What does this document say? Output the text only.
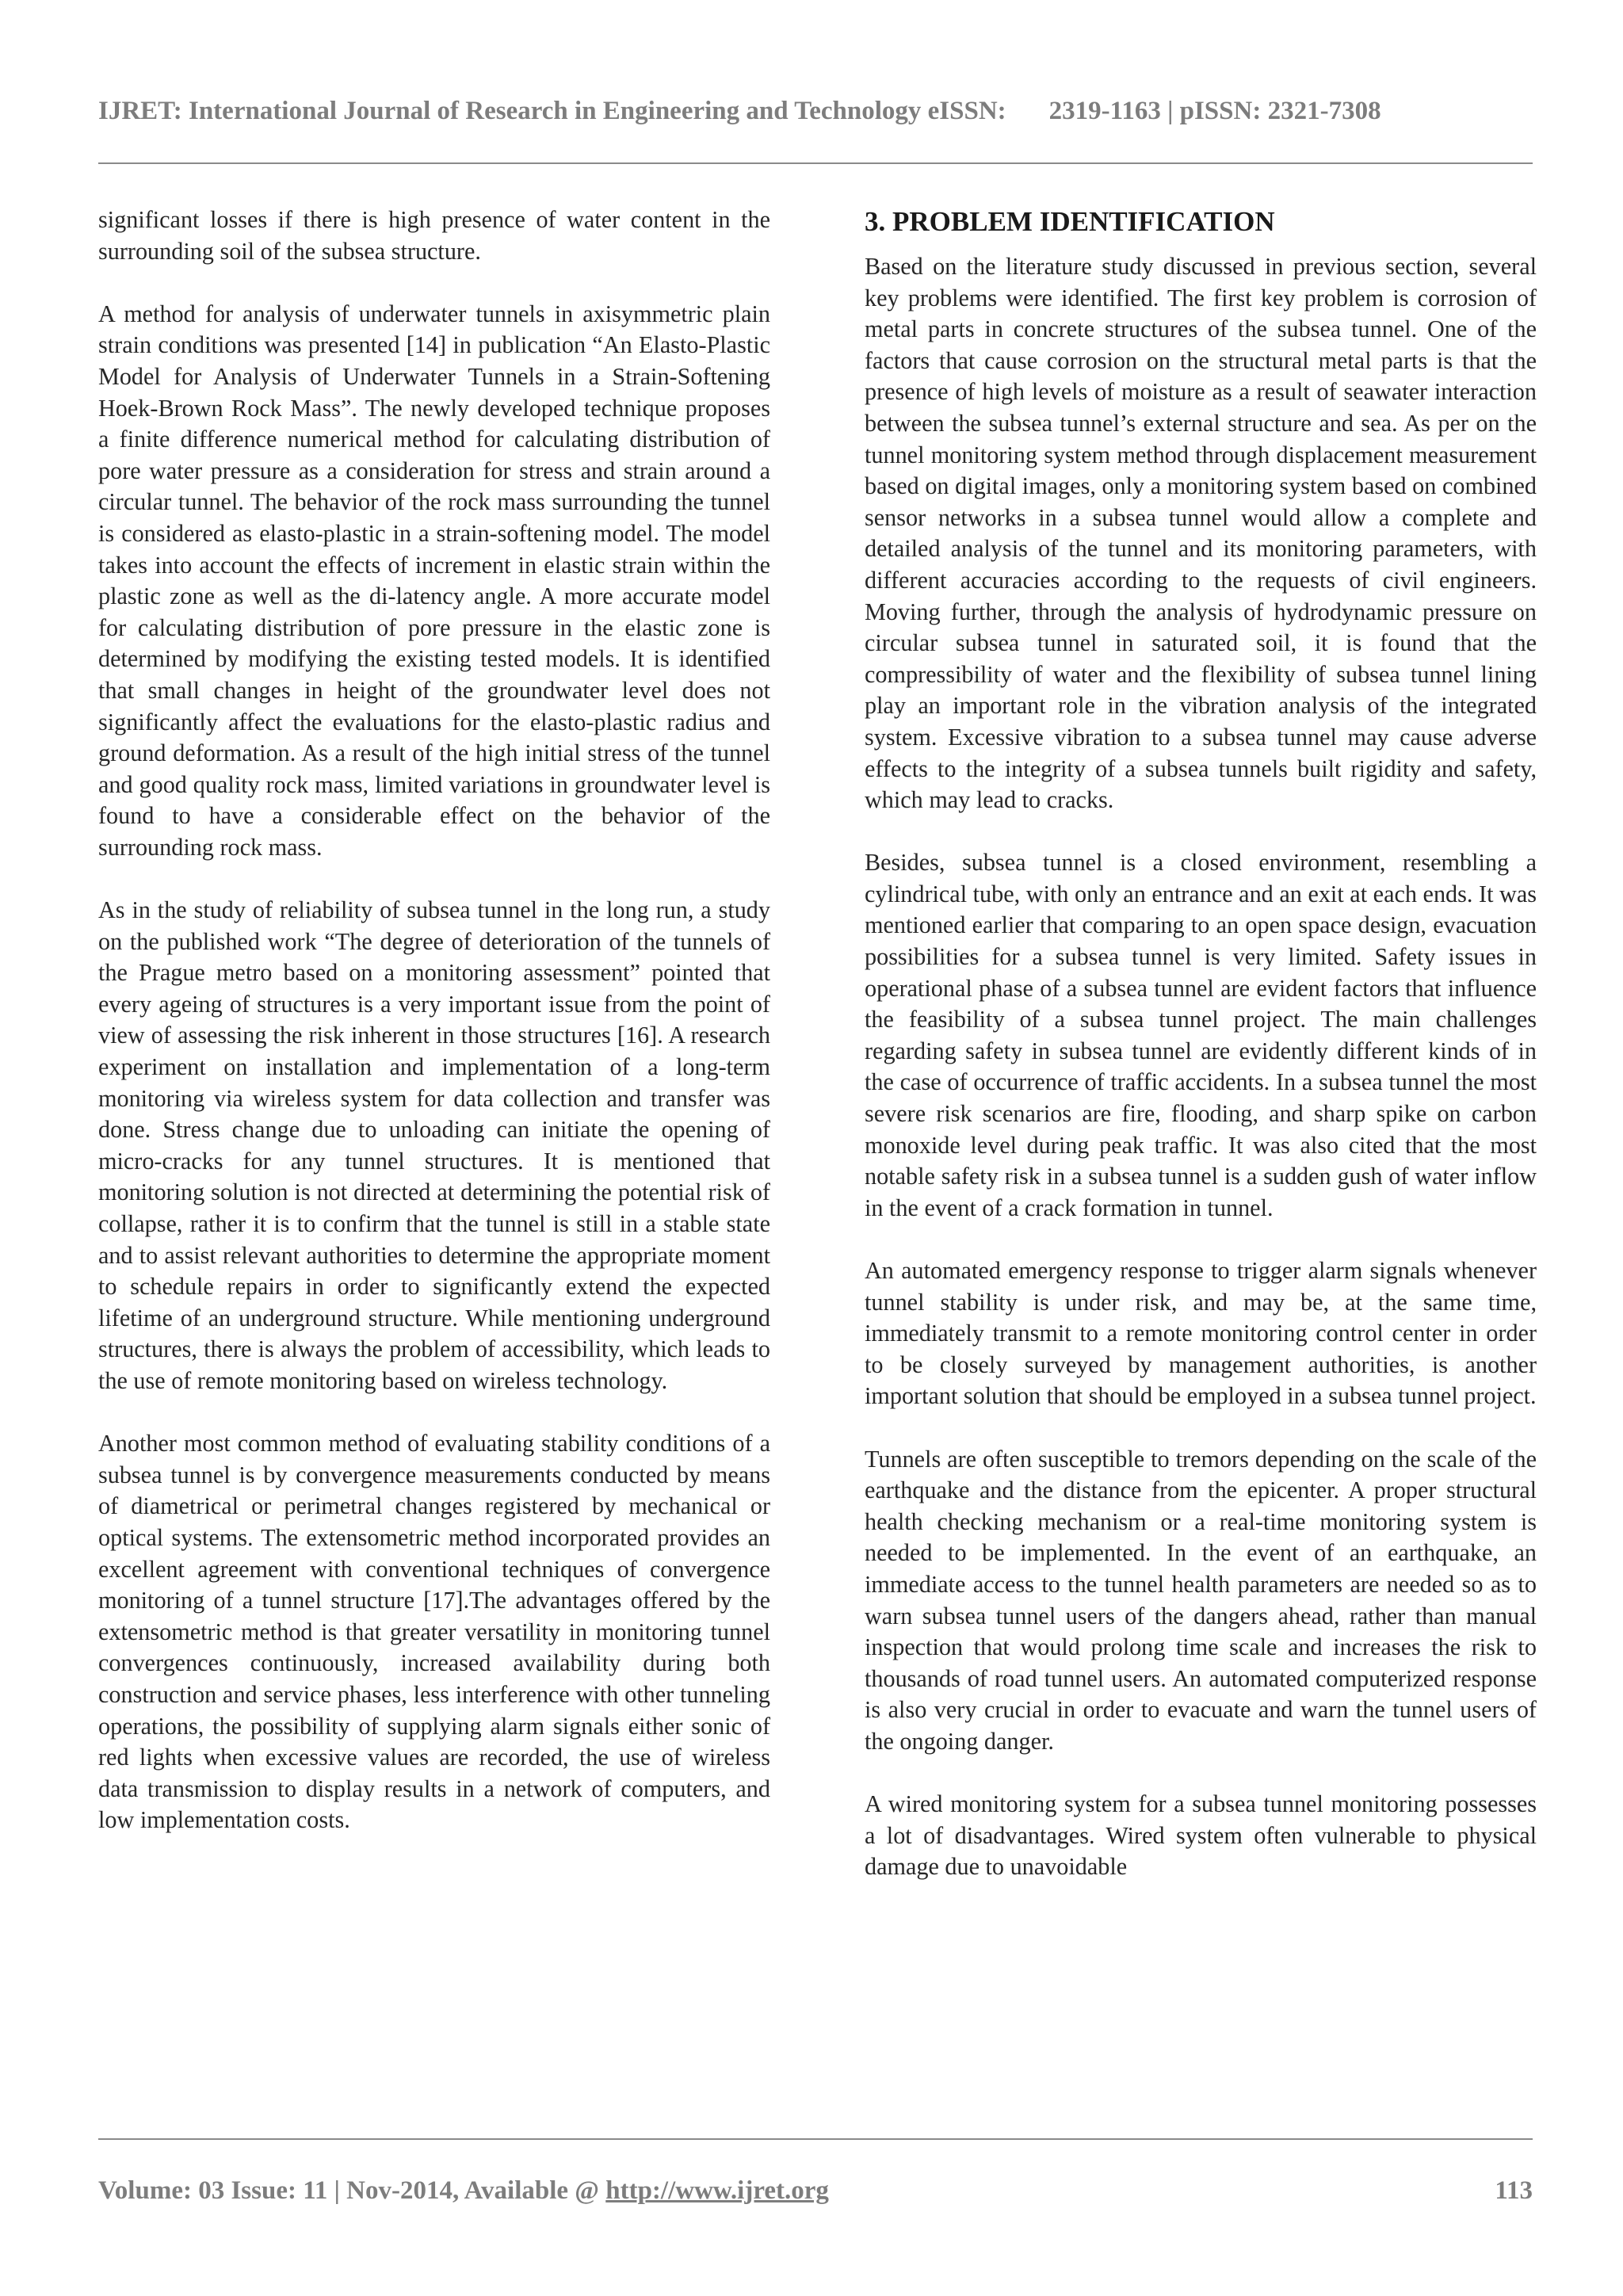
IJRET: International Journal of Research in Engineering and Technology eISSN: 2319-1163 | pISSN: 2321-7308

significant losses if there is high presence of water content in the surrounding soil of the subsea structure.

A method for analysis of underwater tunnels in axisymmetric plain strain conditions was presented [14] in publication “An Elasto-Plastic Model for Analysis of Underwater Tunnels in a Strain-Softening Hoek-Brown Rock Mass”. The newly developed technique proposes a finite difference numerical method for calculating distribution of pore water pressure as a consideration for stress and strain around a circular tunnel. The behavior of the rock mass surrounding the tunnel is considered as elasto-plastic in a strain-softening model. The model takes into account the effects of increment in elastic strain within the plastic zone as well as the di-latency angle. A more accurate model for calculating distribution of pore pressure in the elastic zone is determined by modifying the existing tested models. It is identified that small changes in height of the groundwater level does not significantly affect the evaluations for the elasto-plastic radius and ground deformation. As a result of the high initial stress of the tunnel and good quality rock mass, limited variations in groundwater level is found to have a considerable effect on the behavior of the surrounding rock mass.

As in the study of reliability of subsea tunnel in the long run, a study on the published work “The degree of deterioration of the tunnels of the Prague metro based on a monitoring assessment” pointed that every ageing of structures is a very important issue from the point of view of assessing the risk inherent in those structures [16]. A research experiment on installation and implementation of a long-term monitoring via wireless system for data collection and transfer was done. Stress change due to unloading can initiate the opening of micro-cracks for any tunnel structures. It is mentioned that monitoring solution is not directed at determining the potential risk of collapse, rather it is to confirm that the tunnel is still in a stable state and to assist relevant authorities to determine the appropriate moment to schedule repairs in order to significantly extend the expected lifetime of an underground structure. While mentioning underground structures, there is always the problem of accessibility, which leads to the use of remote monitoring based on wireless technology.

Another most common method of evaluating stability conditions of a subsea tunnel is by convergence measurements conducted by means of diametrical or perimetral changes registered by mechanical or optical systems. The extensometric method incorporated provides an excellent agreement with conventional techniques of convergence monitoring of a tunnel structure [17].The advantages offered by the extensometric method is that greater versatility in monitoring tunnel convergences continuously, increased availability during both construction and service phases, less interference with other tunneling operations, the possibility of supplying alarm signals either sonic of red lights when excessive values are recorded, the use of wireless data transmission to display results in a network of computers, and low implementation costs.

3. PROBLEM IDENTIFICATION

Based on the literature study discussed in previous section, several key problems were identified. The first key problem is corrosion of metal parts in concrete structures of the subsea tunnel. One of the factors that cause corrosion on the structural metal parts is that the presence of high levels of moisture as a result of seawater interaction between the subsea tunnel’s external structure and sea. As per on the tunnel monitoring system method through displacement measurement based on digital images, only a monitoring system based on combined sensor networks in a subsea tunnel would allow a complete and detailed analysis of the tunnel and its monitoring parameters, with different accuracies according to the requests of civil engineers. Moving further, through the analysis of hydrodynamic pressure on circular subsea tunnel in saturated soil, it is found that the compressibility of water and the flexibility of subsea tunnel lining play an important role in the vibration analysis of the integrated system. Excessive vibration to a subsea tunnel may cause adverse effects to the integrity of a subsea tunnels built rigidity and safety, which may lead to cracks.

Besides, subsea tunnel is a closed environment, resembling a cylindrical tube, with only an entrance and an exit at each ends. It was mentioned earlier that comparing to an open space design, evacuation possibilities for a subsea tunnel is very limited. Safety issues in operational phase of a subsea tunnel are evident factors that influence the feasibility of a subsea tunnel project. The main challenges regarding safety in subsea tunnel are evidently different kinds of in the case of occurrence of traffic accidents. In a subsea tunnel the most severe risk scenarios are fire, flooding, and sharp spike on carbon monoxide level during peak traffic. It was also cited that the most notable safety risk in a subsea tunnel is a sudden gush of water inflow in the event of a crack formation in tunnel.

An automated emergency response to trigger alarm signals whenever tunnel stability is under risk, and may be, at the same time, immediately transmit to a remote monitoring control center in order to be closely surveyed by management authorities, is another important solution that should be employed in a subsea tunnel project.

Tunnels are often susceptible to tremors depending on the scale of the earthquake and the distance from the epicenter. A proper structural health checking mechanism or a real-time monitoring system is needed to be implemented. In the event of an earthquake, an immediate access to the tunnel health parameters are needed so as to warn subsea tunnel users of the dangers ahead, rather than manual inspection that would prolong time scale and increases the risk to thousands of road tunnel users. An automated computerized response is also very crucial in order to evacuate and warn the tunnel users of the ongoing danger.

A wired monitoring system for a subsea tunnel monitoring possesses a lot of disadvantages. Wired system often vulnerable to physical damage due to unavoidable

Volume: 03 Issue: 11 | Nov-2014, Available @ http://www.ijret.org	113
